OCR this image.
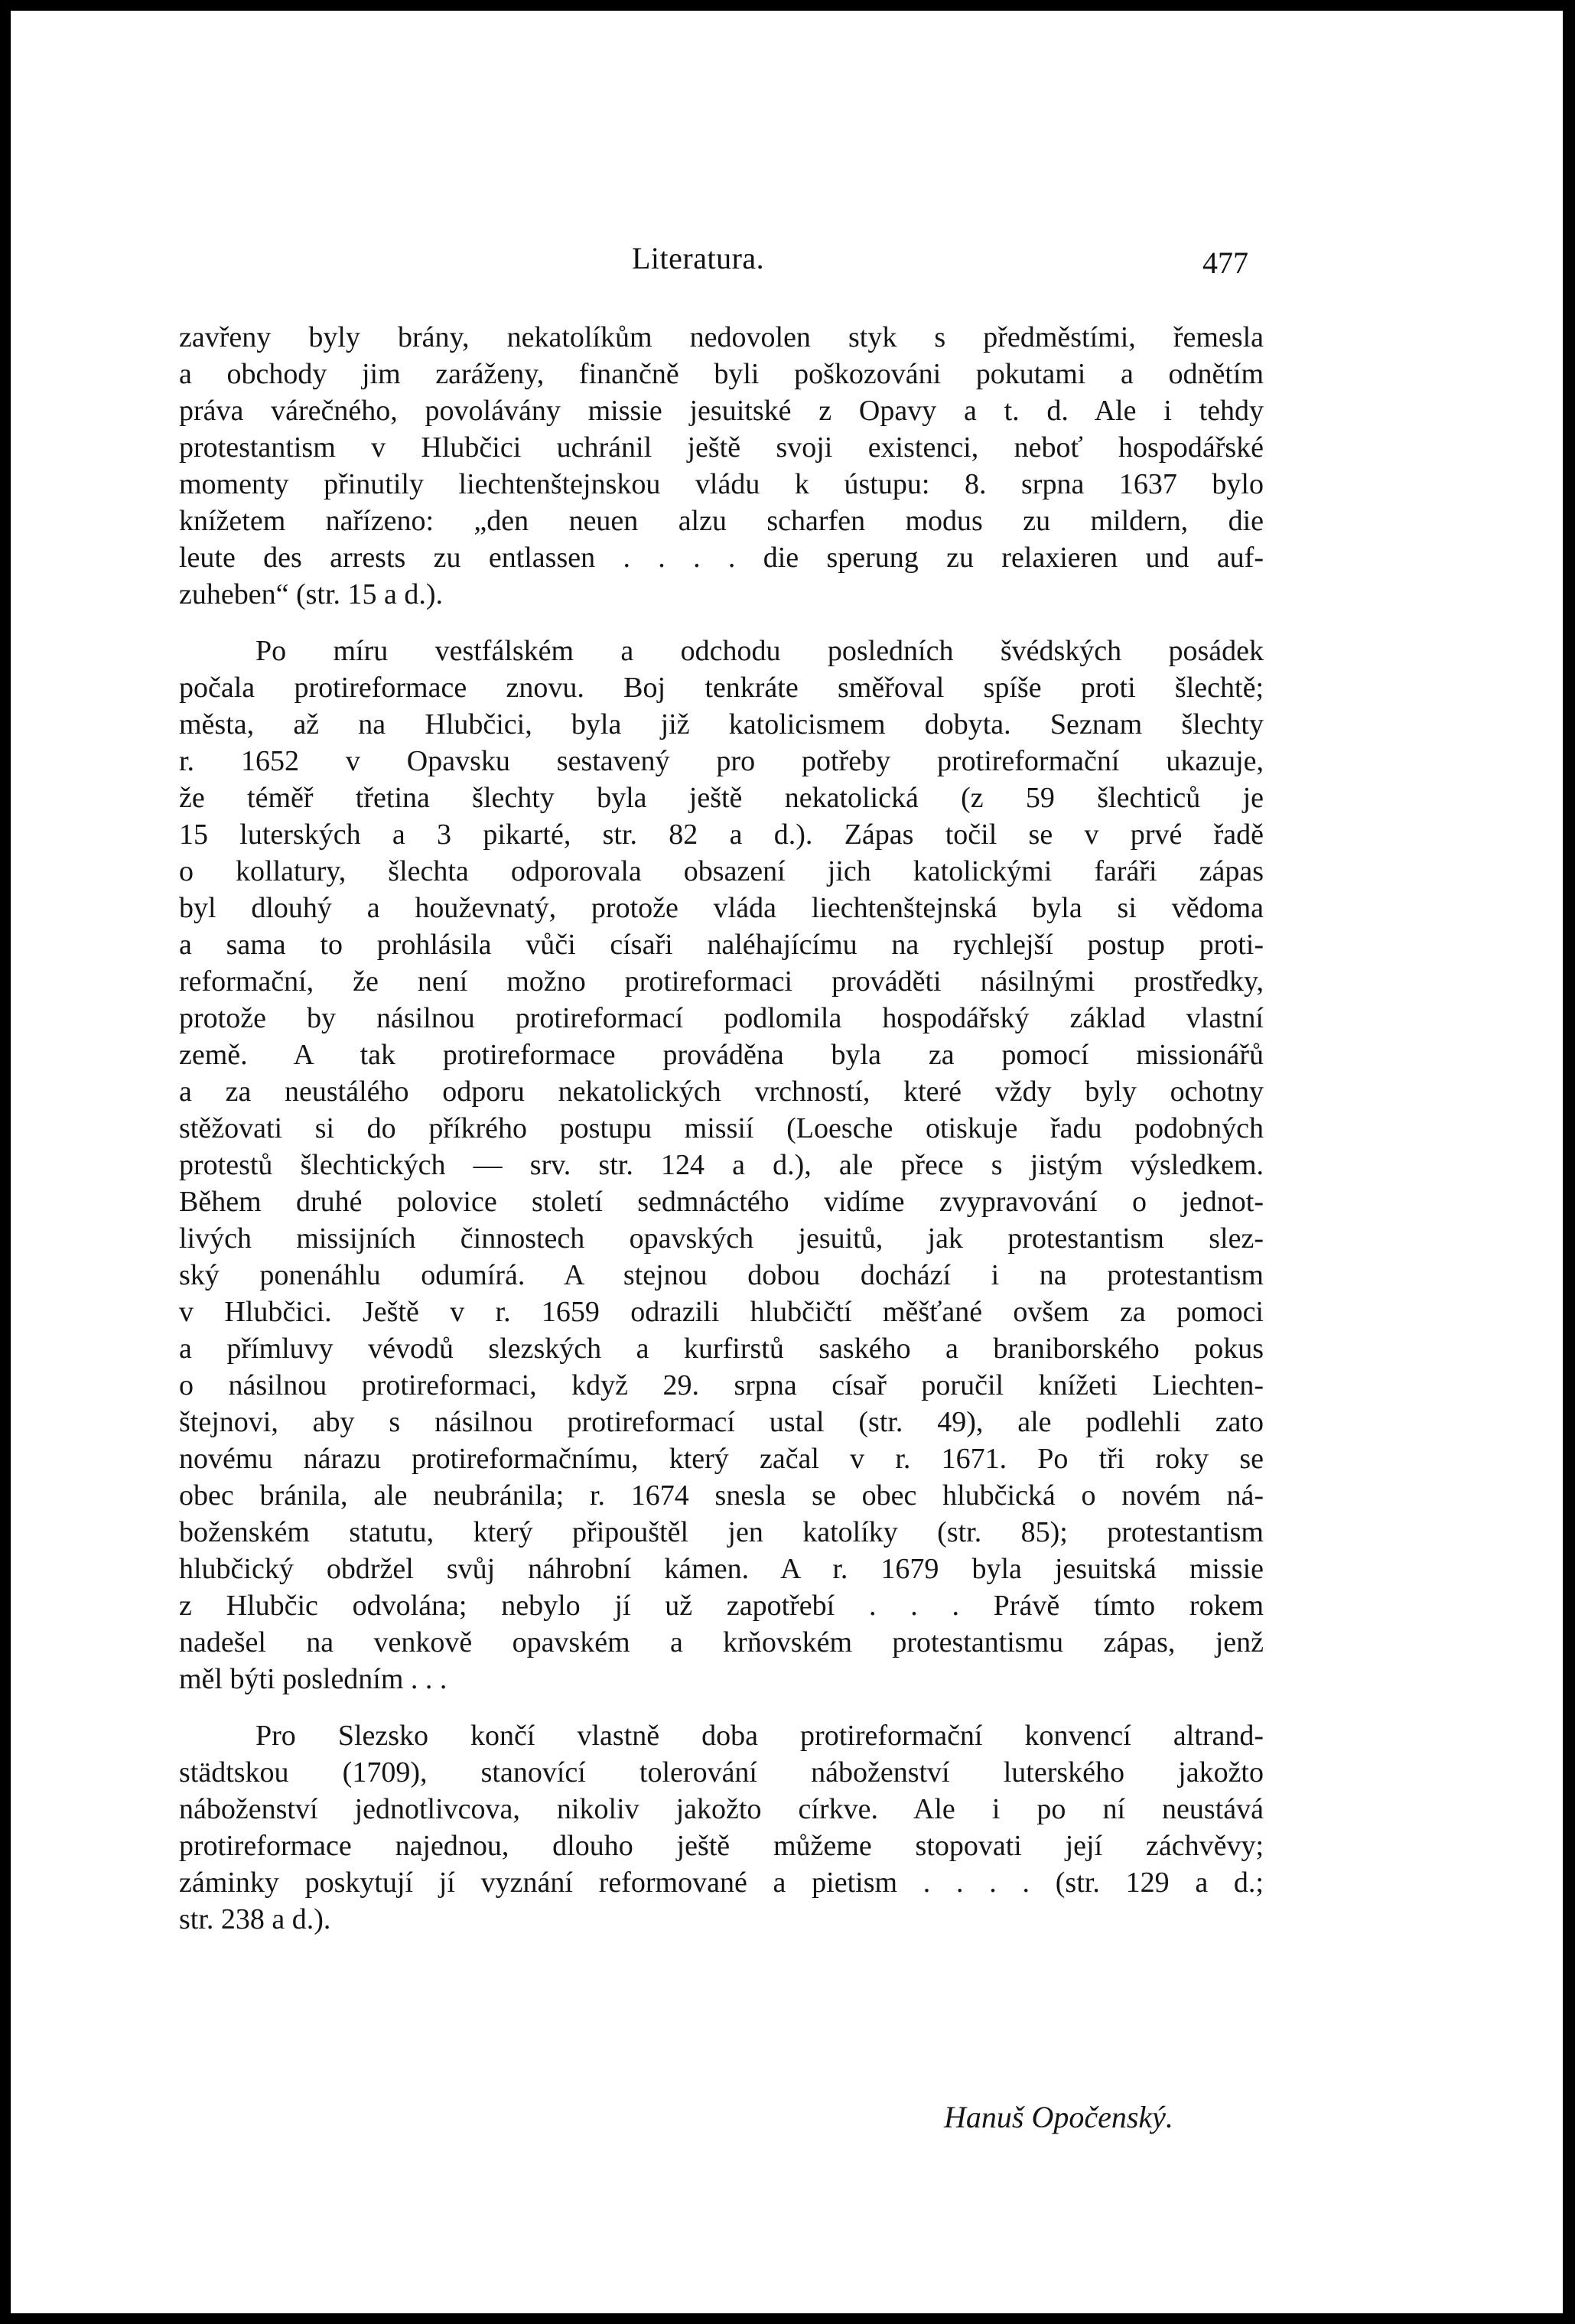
Literatura.	477
zavřeny byly brány, nekatolíkům nedovolen styk s předměstími, řemesla
a obchody jim zaráženy, finančně byli poškozováni pokutami a odnětím
práva várečného, povolávány missie jesuitské z Opavy a t. d. Ale i tehdy
protestantism v Hlubčici uchránil ještě svoji existenci, neboť hospodářské
momenty přinutily liechtenštejnskou vládu k ústupu: 8. srpna 1637 bylo
knížetem nařízeno: „den neuen alzu scharfen modus zu mildern, die
leute des arrests zu entlassen . . . . die sperung zu relaxieren und auf-
zuheben“ (str. 15 a d.).
Po míru vestfálském a odchodu posledních švédských posádek
počala protireformace znovu. Boj tenkráte směřoval spíše proti šlechtě;
města, až na Hlubčici, byla již katolicismem dobyta. Seznam šlechty
r. 1652 v Opavsku sestavený pro potřeby protireformační ukazuje,
že téměř třetina šlechty byla ještě nekatolická (z 59 šlechticů je
15 luterských a 3 pikarté, str. 82 a d.). Zápas točil se v prvé řadě
o kollatury, šlechta odporovala obsazení jich katolickými faráři zápas
byl dlouhý a houževnatý, protože vláda liechtenštejnská byla si vědoma
a sama to prohlásila vůči císaři naléhajícímu na rychlejší postup proti-
reformační, že není možno protireformaci prováděti násilnými prostředky,
protože by násilnou protireformací podlomila hospodářský základ vlastní
země. A tak protireformace prováděna byla za pomocí missionářů
a za neustálého odporu nekatolických vrchností, které vždy byly ochotny
stěžovati si do příkrého postupu missií (Loesche otiskuje řadu podobných
protestů šlechtických — srv. str. 124 a d.), ale přece s jistým výsledkem.
Během druhé polovice století sedmnáctého vidíme zvypravování o jednot-
livých missijních činnostech opavských jesuitů, jak protestantism slez-
ský ponenáhlu odumírá. A stejnou dobou dochází i na protestantism
v Hlubčici. Ještě v r. 1659 odrazili hlubčičtí měšťané ovšem za pomoci
a přímluvy vévodů slezských a kurfirstů saského a braniborského pokus
o násilnou protireformaci, když 29. srpna císař poručil knížeti Liechten-
štejnovi, aby s násilnou protireformací ustal (str. 49), ale podlehli zato
novému nárazu protireformačnímu, který začal v r. 1671. Po tři roky se
obec bránila, ale neubránila; r. 1674 snesla se obec hlubčická o novém ná-
boženském statutu, který připouštěl jen katolíky (str. 85); protestantism
hlubčický obdržel svůj náhrobní kámen. A r. 1679 byla jesuitská missie
z Hlubčic odvolána; nebylo jí už zapotřebí . . . Právě tímto rokem
nadešel na venkově opavském a krňovském protestantismu zápas, jenž
měl býti posledním . . .
Pro Slezsko končí vlastně doba protireformační konvencí altrand-
städtskou (1709), stanovící tolerování náboženství luterského jakožto
náboženství jednotlivcova, nikoliv jakožto církve. Ale i po ní neustává
protireformace najednou, dlouho ještě můžeme stopovati její záchvěvy;
záminky poskytují jí vyznání reformované a pietism . . . . (str. 129 a d.;
str. 238 a d.).
Hanuš Opočenský.
